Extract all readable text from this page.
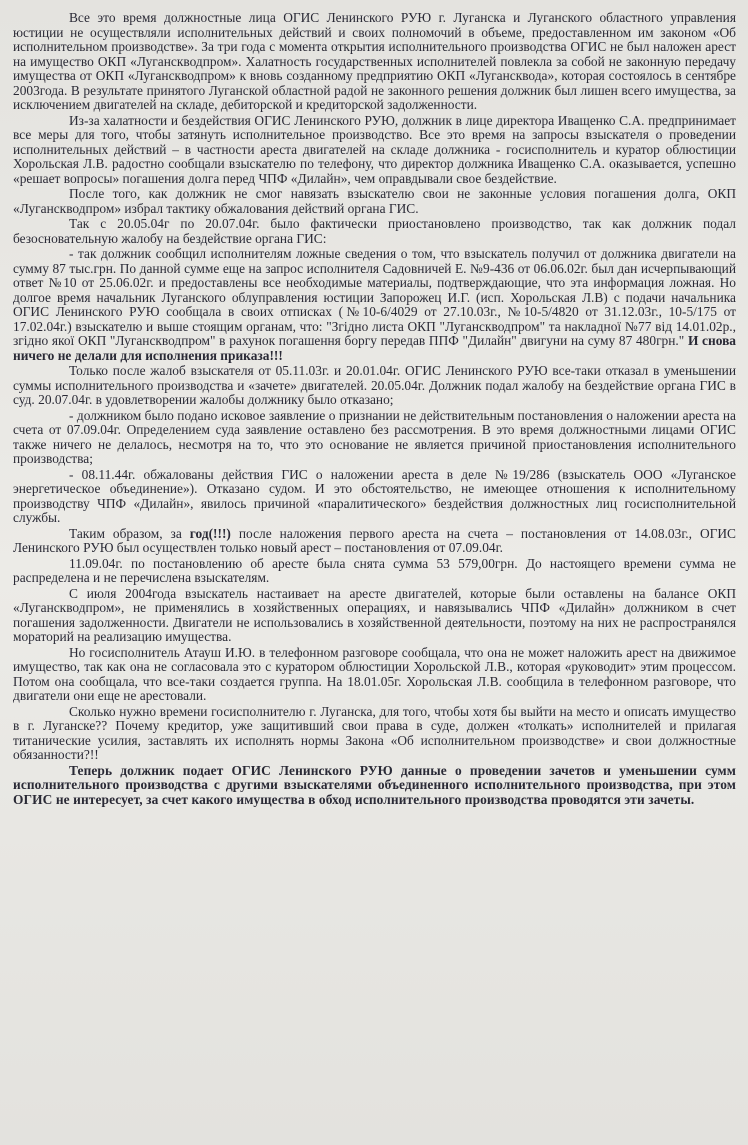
Все это время должностные лица ОГИС Ленинского РУЮ г. Луганска и Луганского областного управления юстиции не осуществляли исполнительных действий и своих полномочий в объеме, предоставленном им законом «Об исполнительном производстве». За три года с момента открытия исполнительного производства ОГИС не был наложен арест на имущество ОКП «Луганскводпром». Халатность государственных исполнителей повлекла за собой не законную передачу имущества от ОКП «Луганскводпром» к вновь созданному предприятию ОКП «Луганскводa», которая состоялось в сентябре 2003года. В результате принятого Луганской областной радой не законного решения должник был лишен всего имущества, за исключением двигателей на складе, дебиторской и кредиторской задолженности.

Из-за халатности и бездействия ОГИС Ленинского РУЮ, должник в лице директора Иващенко С.А. предпринимает все меры для того, чтобы затянуть исполнительное производство. Все это время на запросы взыскателя о проведении исполнительных действий – в частности ареста двигателей на складе должника - госисполнитель и куратор облюстиции Хорольская Л.В. радостно сообщали взыскателю по телефону, что директор должника Иващенко С.А. оказывается, успешно «решает вопросы» погашения долга перед ЧПФ «Дилайн», чем оправдывали свое бездействие.

После того, как должник не смог навязать взыскателю свои не законные условия погашения долга, ОКП «Луганскводпром» избрал тактику обжалования действий органа ГИС.

Так с 20.05.04г по 20.07.04г. было фактически приостановлено производство, так как должник подал безосновательную жалобу на бездействие органа ГИС:

- так должник сообщил исполнителям ложные сведения о том, что взыскатель получил от должника двигатели на сумму 87 тыс.грн. По данной сумме еще на запрос исполнителя Садовничей Е. №9-436 от 06.06.02г. был дан исчерпывающий ответ №10 от 25.06.02г. и предоставлены все необходимые материалы, подтверждающие, что эта информация ложная. Но долгое время начальник Луганского облуправления юстиции Запорожец И.Г. (исп. Хорольская Л.В) с подачи начальника ОГИС Ленинского РУЮ сообщала в своих отписках (№10-6/4029 от 27.10.03г., №10-5/4820 от 31.12.03г., 10-5/175 от 17.02.04г.) взыскателю и выше стоящим органам, что: "Згідно листа ОКП "Луганскводпром" та накладної №77 від 14.01.02р., згідно якої ОКП "Луганскводпром" в рахунок погашення боргу передав ППФ "Дилайн" двигуни на суму 87 480грн." И снова ничего не делали для исполнения приказа!!!

Только после жалоб взыскателя от 05.11.03г. и 20.01.04г. ОГИС Ленинского РУЮ все-таки отказал в уменьшении суммы исполнительного производства и «зачете» двигателей. 20.05.04г. Должник подал жалобу на бездействие органа ГИС в суд. 20.07.04г. в удовлетворении жалобы должнику было отказано;

- должником было подано исковое заявление о признании не действительным постановления о наложении ареста на счета от 07.09.04г. Определением суда заявление оставлено без рассмотрения. В это время должностными лицами ОГИС также ничего не делалось, несмотря на то, что это основание не является причиной приостановления исполнительного производства;

- 08.11.44г. обжалованы действия ГИС о наложении ареста в деле №19/286 (взыскатель ООО «Луганское энергетическое объединение»). Отказано судом. И это обстоятельство, не имеющее отношения к исполнительному производству ЧПФ «Дилайн», явилось причиной «паралитического» бездействия должностных лиц госисполнительной службы.

Таким образом, за год(!!!) после наложения первого ареста на счета – постановления от 14.08.03г., ОГИС Ленинского РУЮ был осуществлен только новый арест – постановления от 07.09.04г.

11.09.04г. по постановлению об аресте была снята сумма 53 579,00грн. До настоящего времени сумма не распределена и не перечислена взыскателям.

С июля 2004года взыскатель настаивает на аресте двигателей, которые были оставлены на балансе ОКП «Луганскводпром», не применялись в хозяйственных операциях, и навязывались ЧПФ «Дилайн» должником в счет погашения задолженности. Двигатели не использовались в хозяйственной деятельности, поэтому на них не распространялся мораторий на реализацию имущества.

Но госисполнитель Атауш И.Ю. в телефонном разговоре сообщала, что она не может наложить арест на движимое имущество, так как она не согласовала это с куратором облюстиции Хорольской Л.В., которая «руководит» этим процессом. Потом она сообщала, что все-таки создается группа. На 18.01.05г. Хорольская Л.В. сообщила в телефонном разговоре, что двигатели они еще не арестовали.

Сколько нужно времени госисполнителю г. Луганска, для того, чтобы хотя бы выйти на место и описать имущество в г. Луганске?? Почему кредитор, уже защитивший свои права в суде, должен «толкать» исполнителей и прилагая титанические усилия, заставлять их исполнять нормы Закона «Об исполнительном производстве» и свои должностные обязанности?!!

Теперь должник подает ОГИС Ленинского РУЮ данные о проведении зачетов и уменьшении сумм исполнительного производства с другими взыскателями объединенного исполнительного производства, при этом ОГИС не интересует, за счет какого имущества в обход исполнительного производства проводятся эти зачеты.
